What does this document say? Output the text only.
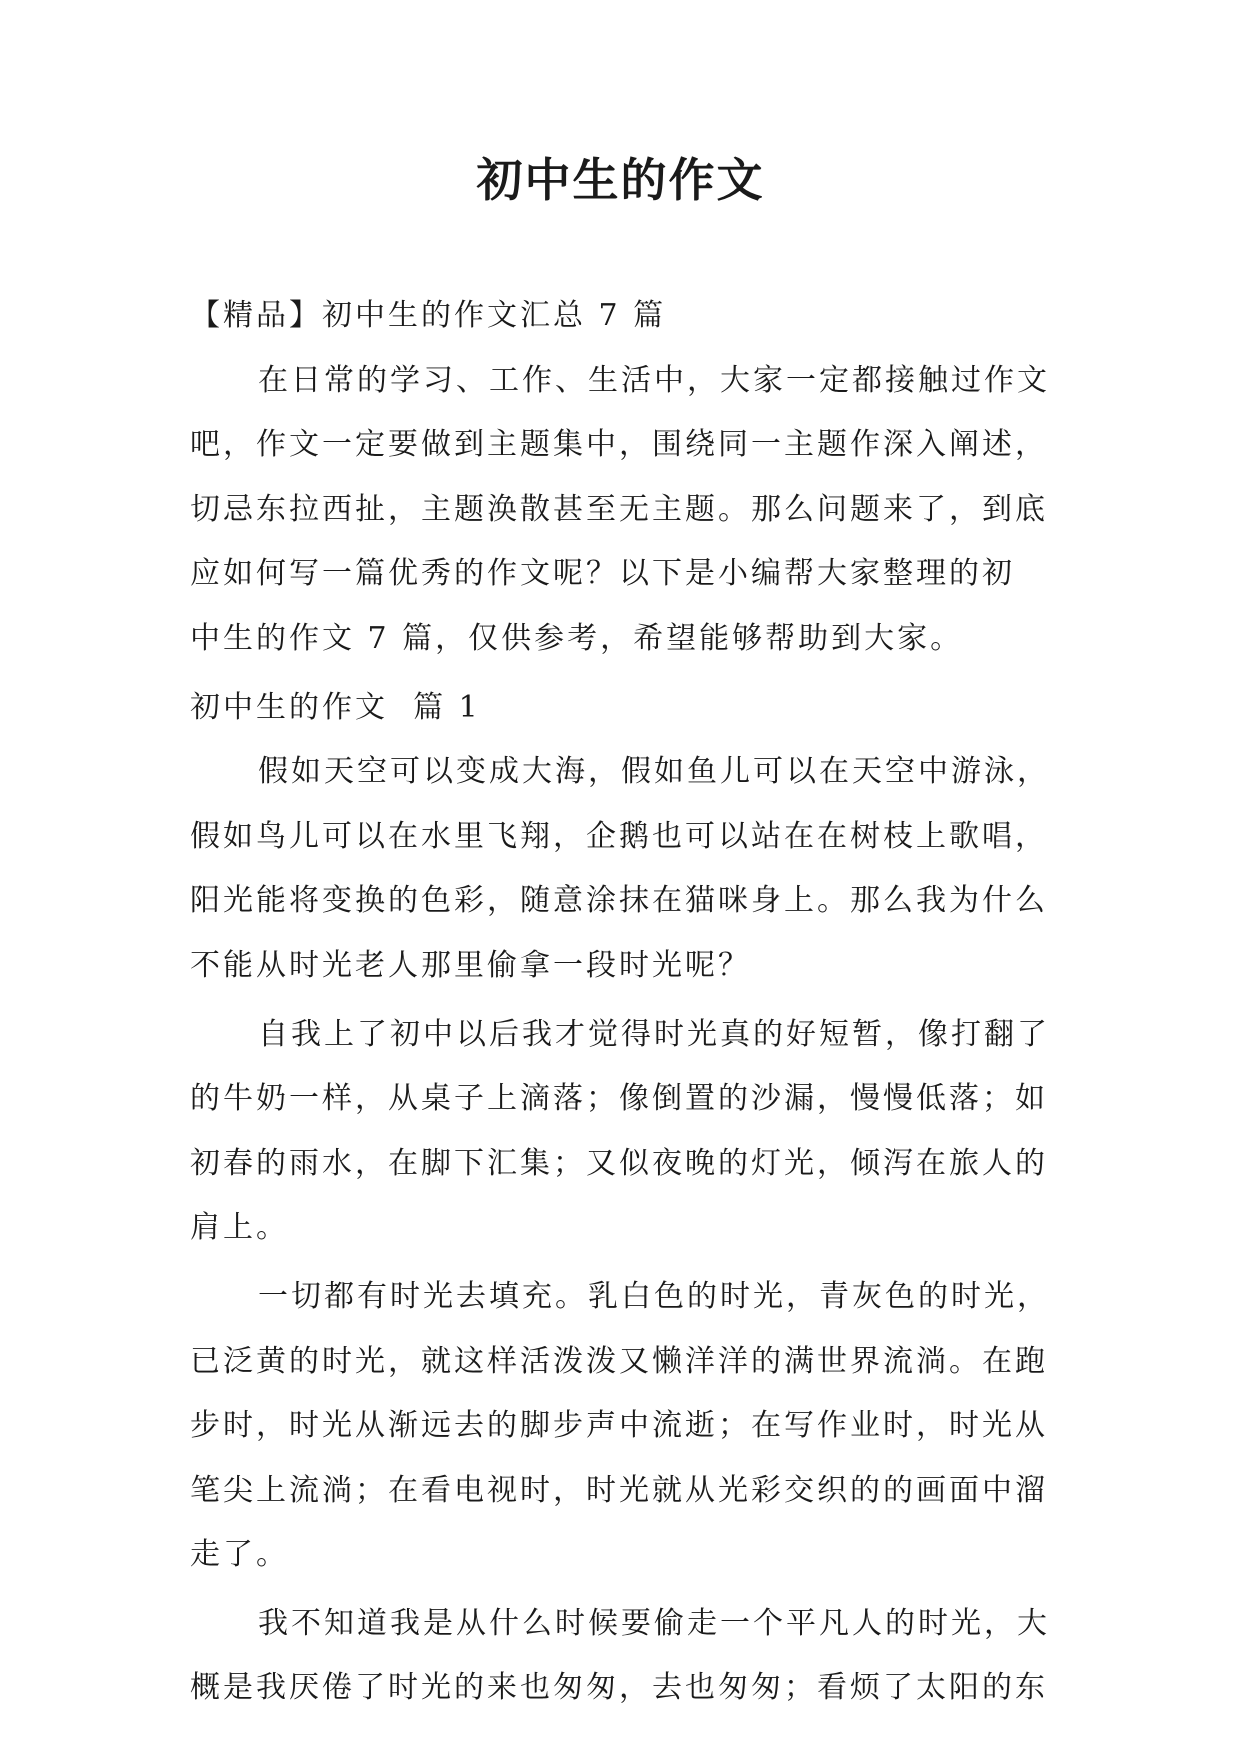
初中生的作文

【精品】初中生的作文汇总 7 篇

在日常的学习、工作、生活中，大家一定都接触过作文

吧，作文一定要做到主题集中，围绕同一主题作深入阐述，

切忌东拉西扯，主题涣散甚至无主题。那么问题来了，到底

应如何写一篇优秀的作文呢？以下是小编帮大家整理的初

中生的作文 7 篇，仅供参考，希望能够帮助到大家。

初中生的作文  篇 1

假如天空可以变成大海，假如鱼儿可以在天空中游泳，

假如鸟儿可以在水里飞翔，企鹅也可以站在在树枝上歌唱，

阳光能将变换的色彩，随意涂抹在猫咪身上。那么我为什么

不能从时光老人那里偷拿一段时光呢？

自我上了初中以后我才觉得时光真的好短暂，像打翻了

的牛奶一样，从桌子上滴落；像倒置的沙漏，慢慢低落；如

初春的雨水，在脚下汇集；又似夜晚的灯光，倾泻在旅人的

肩上。

一切都有时光去填充。乳白色的时光，青灰色的时光，

已泛黄的时光，就这样活泼泼又懒洋洋的满世界流淌。在跑

步时，时光从渐远去的脚步声中流逝；在写作业时，时光从

笔尖上流淌；在看电视时，时光就从光彩交织的的画面中溜

走了。

我不知道我是从什么时候要偷走一个平凡人的时光，大

概是我厌倦了时光的来也匆匆，去也匆匆；看烦了太阳的东
